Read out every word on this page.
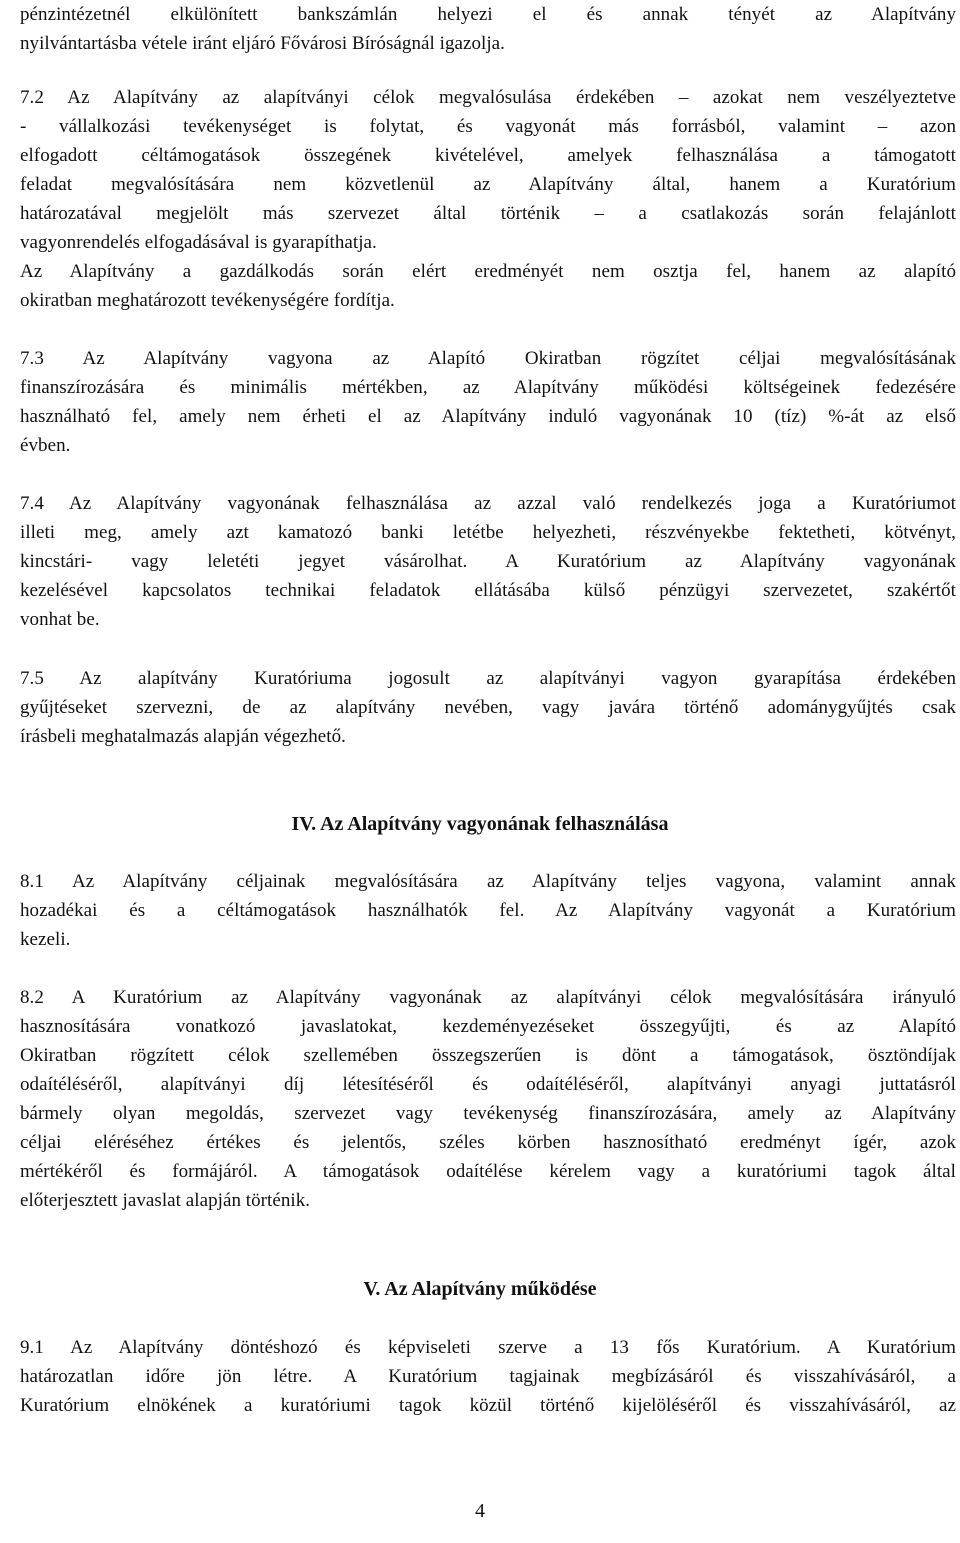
pénzintézetnél elkülönített bankszámlán helyezi el és annak tényét az Alapítvány
nyilvántartásba vétele iránt eljáró Fővárosi Bíróságnál igazolja.
7.2 Az Alapítvány az alapítványi célok megvalósulása érdekében – azokat nem veszélyeztetve
- vállalkozási tevékenységet is folytat, és vagyonát más forrásból, valamint – azon
elfogadott céltámogatások összegének kivételével, amelyek felhasználása a támogatott
feladat megvalósítására nem közvetlenül az Alapítvány által, hanem a Kuratórium
határozatával megjelölt más szervezet által történik – a csatlakozás során felajánlott
vagyonrendelés elfogadásával is gyarapíthatja.
Az Alapítvány a gazdálkodás során elért eredményét nem osztja fel, hanem az alapító
okiratban meghatározott tevékenységére fordítja.
7.3 Az Alapítvány vagyona az Alapító Okiratban rögzítet céljai megvalósításának
finanszírozására és minimális mértékben, az Alapítvány működési költségeinek fedezésére
használható fel, amely nem érheti el az Alapítvány induló vagyonának 10 (tíz) %-át az első
évben.
7.4 Az Alapítvány vagyonának felhasználása az azzal való rendelkezés joga a Kuratóriumot
illeti meg, amely azt kamatozó banki letétbe helyezheti, részvényekbe fektetheti, kötvényt,
kincstári- vagy leletéti jegyet vásárolhat. A Kuratórium az Alapítvány vagyonának
kezelésével kapcsolatos technikai feladatok ellátásába külső pénzügyi szervezetet, szakértőt
vonhat be.
7.5 Az alapítvány Kuratóriuma jogosult az alapítványi vagyon gyarapítása érdekében
gyűjtéseket szervezni, de az alapítvány nevében, vagy javára történő adománygyűjtés csak
írásbeli meghatalmazás alapján végezhető.
IV. Az Alapítvány vagyonának felhasználása
8.1 Az Alapítvány céljainak megvalósítására az Alapítvány teljes vagyona, valamint annak
hozadékai és a céltámogatások használhatók fel. Az Alapítvány vagyonát a Kuratórium
kezeli.
8.2 A Kuratórium az Alapítvány vagyonának az alapítványi célok megvalósítására irányuló
hasznosítására vonatkozó javaslatokat, kezdeményezéseket összegyűjti, és az Alapító
Okiratban rögzített célok szellemében összegszerűen is dönt a támogatások, ösztöndíjak
odaítéléséről, alapítványi díj létesítéséről és odaítéléséről, alapítványi anyagi juttatásról
bármely olyan megoldás, szervezet vagy tevékenység finanszírozására, amely az Alapítvány
céljai eléréséhez értékes és jelentős, széles körben hasznosítható eredményt ígér, azok
mértékéről és formájáról. A támogatások odaítélése kérelem vagy a kuratóriumi tagok által
előterjesztett javaslat alapján történik.
V. Az Alapítvány működése
9.1 Az Alapítvány döntéshozó és képviseleti szerve a 13 fős Kuratórium. A Kuratórium
határozatlan időre jön létre. A Kuratórium tagjainak megbízásáról és visszahívásáról, a
Kuratórium elnökének a kuratóriumi tagok közül történő kijelöléséről és visszahívásáról, az
4
